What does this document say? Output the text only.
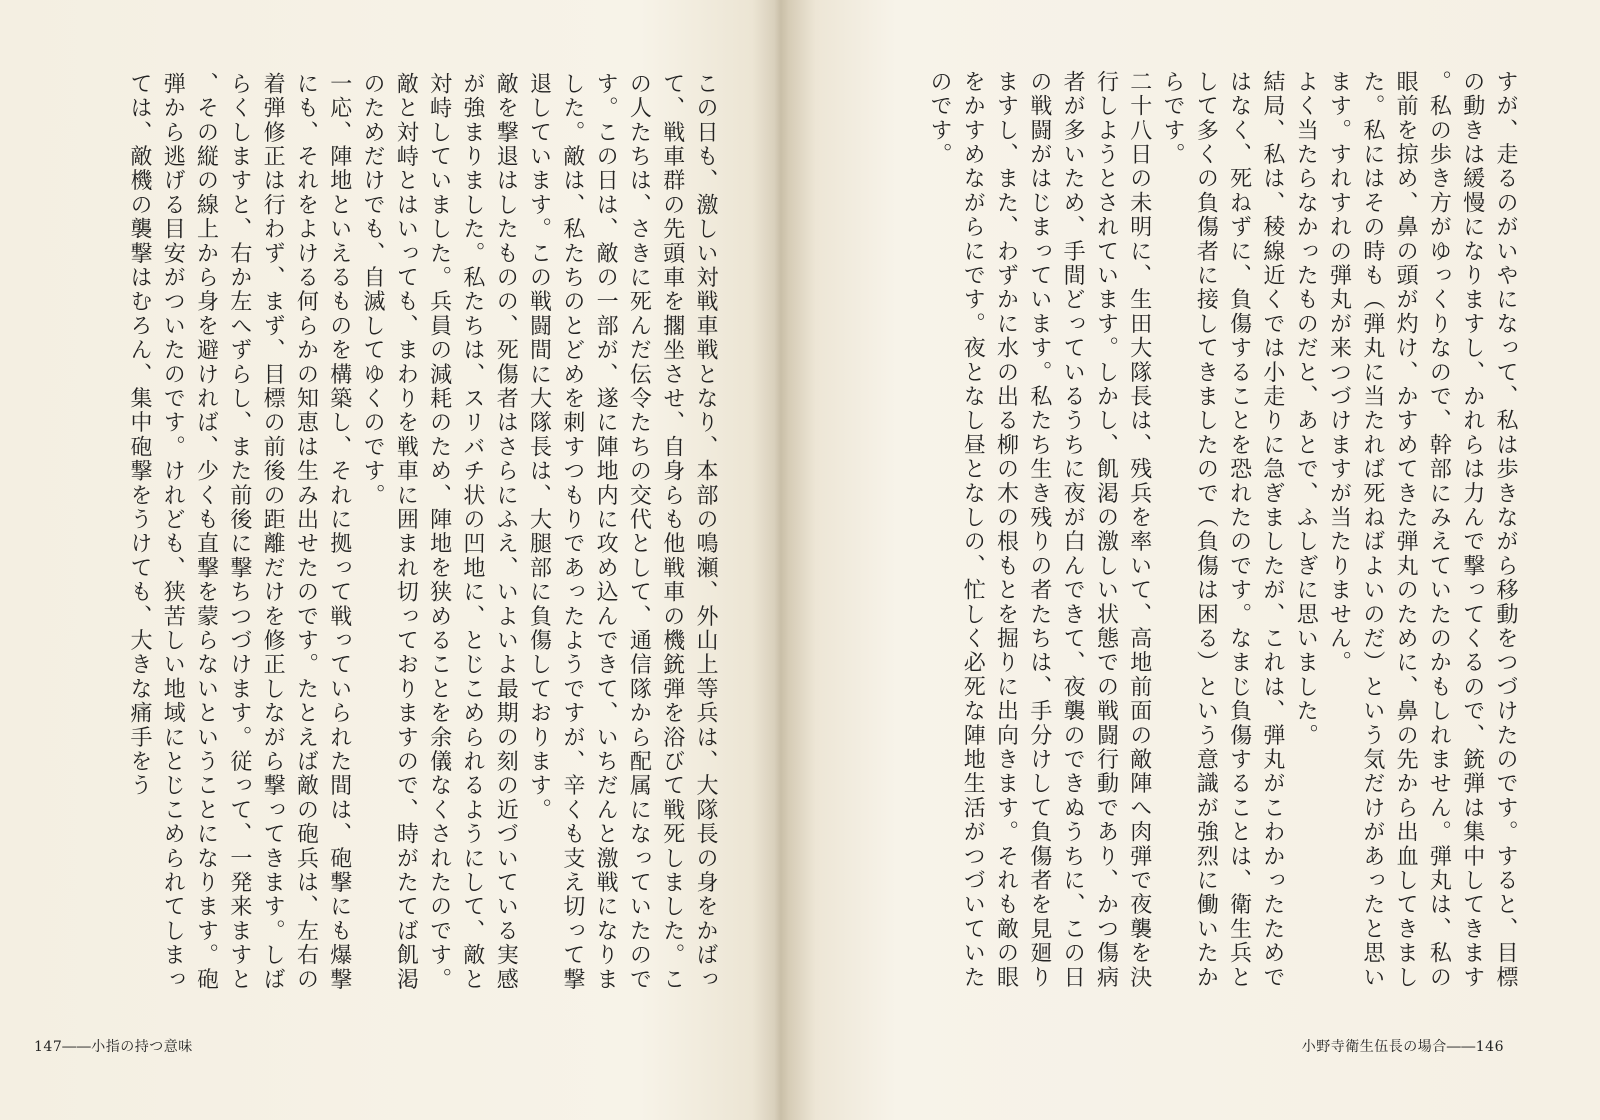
この日も、激しい対戦車戦となり、本部の鳴瀬、外山上等兵は、大隊長の身をかばって、戦車群の先頭車を擱坐させ、自身らも他戦車の機銃弾を浴びて戦死しました。この人たちは、さきに死んだ伝令たちの交代として、通信隊から配属になっていたのです。この日は、敵の一部が、遂に陣地内に攻め込んできて、いちだんと激戦になりました。敵は、私たちのとどめを刺すつもりであったようですが、辛くも支え切って撃退しています。この戦闘間に大隊長は、大腿部に負傷しております。
敵を撃退はしたものの、死傷者はさらにふえ、いよいよ最期の刻の近づいている実感が強まりました。私たちは、スリバチ状の凹地に、とじこめられるようにして、敵と対峙していました。兵員の減耗のため、陣地を狭めることを余儀なくされたのです。敵と対峙とはいっても、まわりを戦車に囲まれ切っておりますので、時がたてば飢渇のためだけでも、自滅してゆくのです。
一応、陣地といえるものを構築し、それに拠って戦っていられた間は、砲撃にも爆撃にも、それをよける何らかの知恵は生み出せたのです。たとえば敵の砲兵は、左右の着弾修正は行わず、まず、目標の前後の距離だけを修正しながら撃ってきます。しばらくしますと、右か左へずらし、また前後に撃ちつづけます。従って、一発来ますと、その縦の線上から身を避ければ、少くも直撃を蒙らないということになります。砲弾から逃げる目安がついたのです。けれども、狭苦しい地域にとじこめられてしまっては、敵機の襲撃はむろん、集中砲撃をうけても、大きな痛手をう
147――小指の持つ意味
すが、走るのがいやになって、私は歩きながら移動をつづけたのです。すると、目標の動きは緩慢になりますし、かれらは力んで撃ってくるので、銃弾は集中してきます。私の歩き方がゆっくりなので、幹部にみえていたのかもしれません。弾丸は、私の眼前を掠め、鼻の頭が灼け、かすめてきた弾丸のために、鼻の先から出血してきました。私にはその時も（弾丸に当たれば死ねばよいのだ）という気だけがあったと思います。すれすれの弾丸が来つづけますが当たりません。
よく当たらなかったものだと、あとで、ふしぎに思いました。
結局、私は、稜線近くでは小走りに急ぎましたが、これは、弾丸がこわかったためではなく、死ねずに、負傷することを恐れたのです。なまじ負傷することは、衛生兵として多くの負傷者に接してきましたので（負傷は困る）という意識が強烈に働いたからです。
二十八日の未明に、生田大隊長は、残兵を率いて、高地前面の敵陣へ肉弾で夜襲を決行しようとされています。しかし、飢渇の激しい状態での戦闘行動であり、かつ傷病者が多いため、手間どっているうちに夜が白んできて、夜襲のできぬうちに、この日の戦闘がはじまっています。私たち生き残りの者たちは、手分けして負傷者を見廻りますし、また、わずかに水の出る柳の木の根もとを掘りに出向きます。それも敵の眼をかすめながらにです。夜となし昼となしの、忙しく必死な陣地生活がつづいていたのです。
小野寺衛生伍長の場合――146
